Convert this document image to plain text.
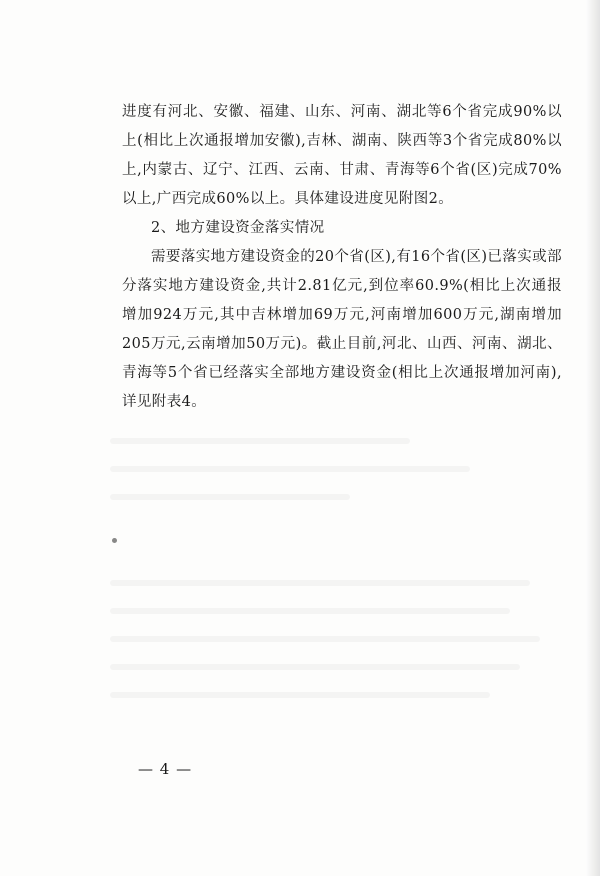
进度有河北、安徽、福建、山东、河南、湖北等6个省完成90%以上(相比上次通报增加安徽),吉林、湖南、陕西等3个省完成80%以上,内蒙古、辽宁、江西、云南、甘肃、青海等6个省(区)完成70%以上,广西完成60%以上。具体建设进度见附图2。

2、地方建设资金落实情况

需要落实地方建设资金的20个省(区),有16个省(区)已落实或部分落实地方建设资金,共计2.81亿元,到位率60.9%(相比上次通报增加924万元,其中吉林增加69万元,河南增加600万元,湖南增加205万元,云南增加50万元)。截止目前,河北、山西、河南、湖北、青海等5个省已经落实全部地方建设资金(相比上次通报增加河南),详见附表4。

— 4 —
